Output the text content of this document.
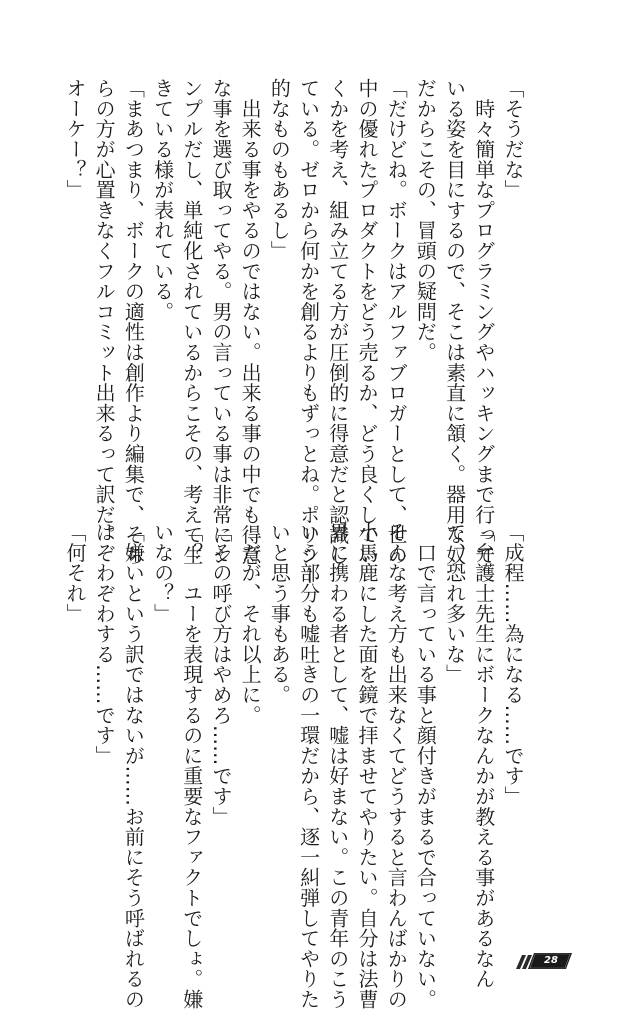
「そうだな」
　時々簡単なプログラミングやハッキングまで行って
いる姿を目にするので、そこは素直に頷く。器用な奴
だからこその、冒頭の疑問だ。
「だけどね。ボークはアルファブロガーとして、世の
中の優れたプロダクトをどう売るか、どう良くしてい
くかを考え、組み立てる方が圧倒的に得意だと認識し
ている。ゼロから何かを創るよりもずっとね。ポリシー
的なものもあるし」
　出来る事をやるのではない。出来る事の中でも得意
な事を選び取ってやる。男の言っている事は非常にシ
ンプルだし、単純化されているからこその、考えて生
きている様が表れている。
「まあつまり、ボークの適性は創作より編集で、そち
らの方が心置きなくフルコミット出来るって訳だ。
オーケー？」
「成程……為になる……です」
「弁護士先生にボークなんかが教える事があるなん
て、恐れ多いな」
　口で言っている事と顔付きがまるで合っていない。
そんな考え方も出来なくてどうすると言わんばかりの
小馬鹿にした面を鏡で拝ませてやりたい。自分は法曹
界に携わる者として、嘘は好まない。この青年のこう
いう部分も嘘吐きの一環だから、逐一糾弾してやりた
いと思う事もある。
　だが、それ以上に。
「その呼び方はやめろ……です」
「？　ユーを表現するのに重要なファクトでしょ。嫌
いなの？」
「嫌いという訳ではないが……お前にそう呼ばれるの
はぞわぞわする……です」
「何それ」
28
